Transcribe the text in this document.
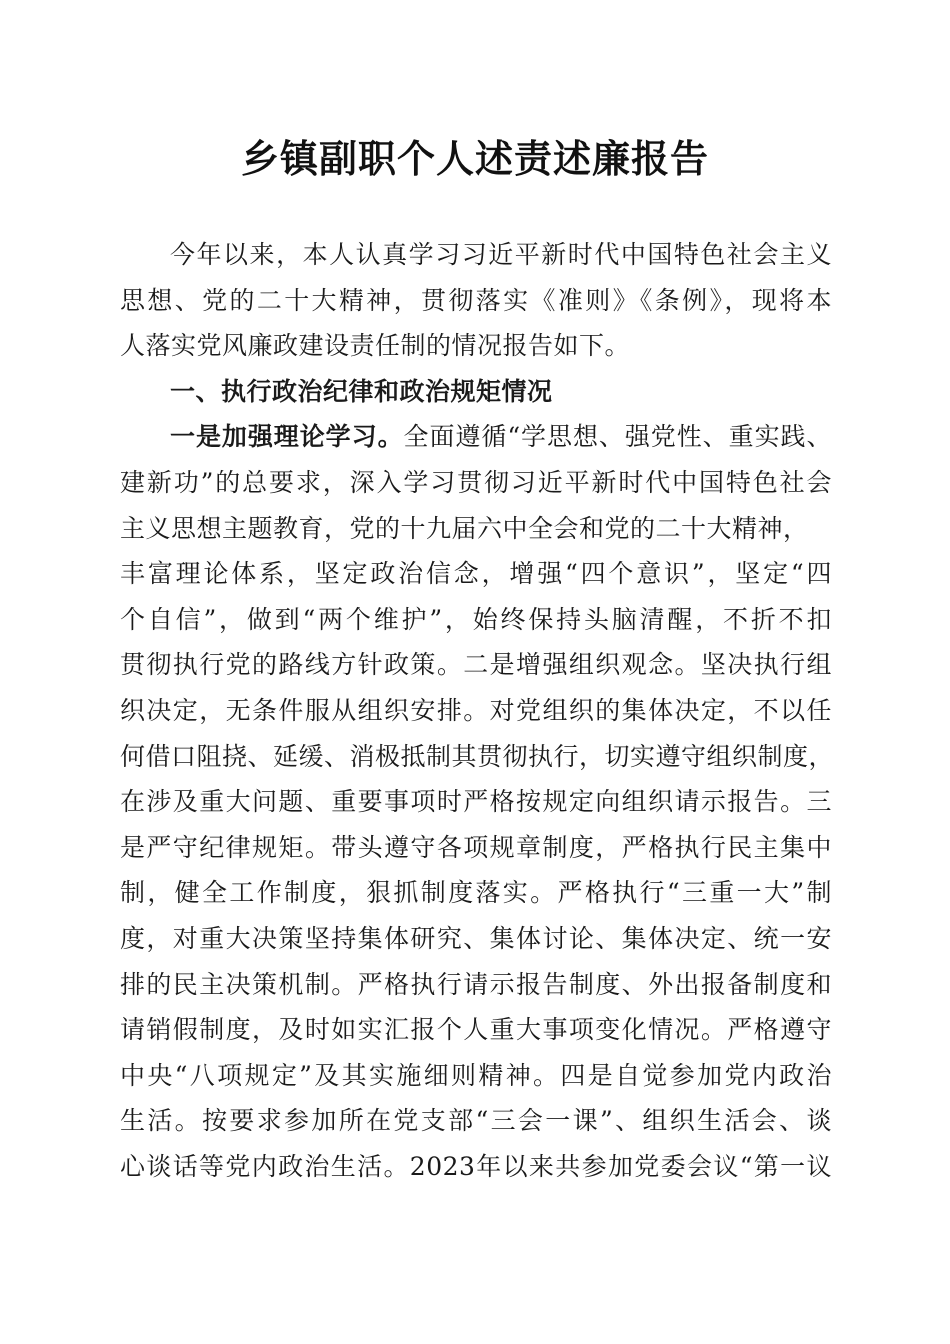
乡镇副职个人述责述廉报告
今年以来，本人认真学习习近平新时代中国特色社会主义
思想、党的二十大精神，贯彻落实《准则》《条例》，现将本
人落实党风廉政建设责任制的情况报告如下。
一、执行政治纪律和政治规矩情况
一是加强理论学习。全面遵循“学思想、强党性、重实践、
建新功”的总要求，深入学习贯彻习近平新时代中国特色社会
主义思想主题教育，党的十九届六中全会和党的二十大精神，
丰富理论体系，坚定政治信念，增强“四个意识”，坚定“四
个自信”，做到“两个维护”，始终保持头脑清醒，不折不扣
贯彻执行党的路线方针政策。二是增强组织观念。坚决执行组
织决定，无条件服从组织安排。对党组织的集体决定，不以任
何借口阻挠、延缓、消极抵制其贯彻执行，切实遵守组织制度，
在涉及重大问题、重要事项时严格按规定向组织请示报告。三
是严守纪律规矩。带头遵守各项规章制度，严格执行民主集中
制，健全工作制度，狠抓制度落实。严格执行“三重一大”制
度，对重大决策坚持集体研究、集体讨论、集体决定、统一安
排的民主决策机制。严格执行请示报告制度、外出报备制度和
请销假制度，及时如实汇报个人重大事项变化情况。严格遵守
中央“八项规定”及其实施细则精神。四是自觉参加党内政治
生活。按要求参加所在党支部“三会一课”、组织生活会、谈
心谈话等党内政治生活。2023年以来共参加党委会议“第一议
